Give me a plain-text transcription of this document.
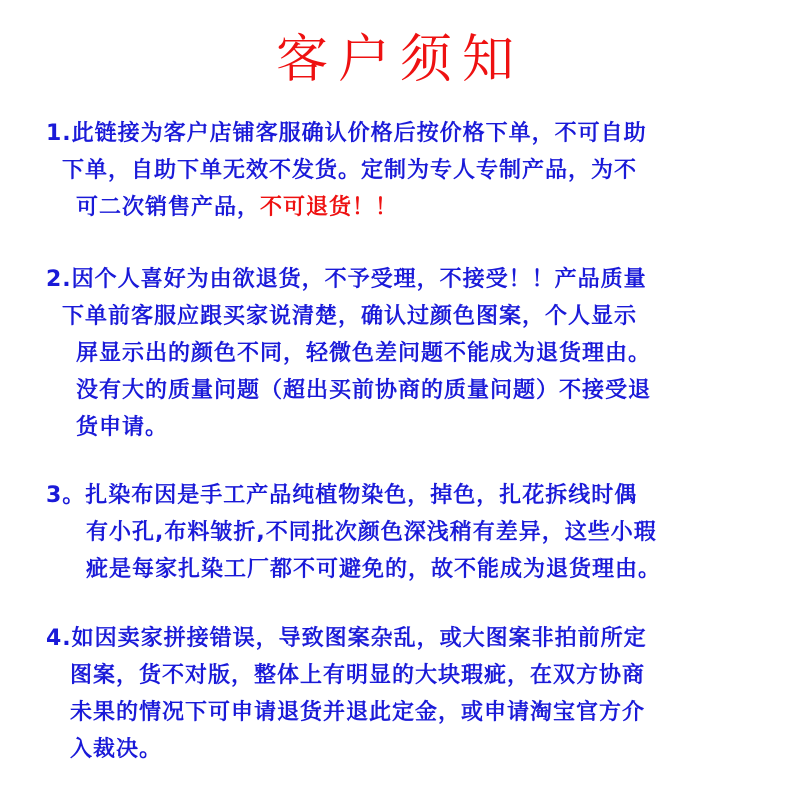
客户须知
1.此链接为客户店铺客服确认价格后按价格下单，不可自助
下单，自助下单无效不发货。定制为专人专制产品，为不
可二次销售产品，不可退货！！
2.因个人喜好为由欲退货，不予受理，不接受！！产品质量
下单前客服应跟买家说清楚，确认过颜色图案，个人显示
屏显示出的颜色不同，轻微色差问题不能成为退货理由。
没有大的质量问题（超出买前协商的质量问题）不接受退
货申请。
3。扎染布因是手工产品纯植物染色，掉色，扎花拆线时偶
有小孔,布料皱折,不同批次颜色深浅稍有差异，这些小瑕
疵是每家扎染工厂都不可避免的，故不能成为退货理由。
4.如因卖家拼接错误，导致图案杂乱，或大图案非拍前所定
图案，货不对版，整体上有明显的大块瑕疵，在双方协商
未果的情况下可申请退货并退此定金，或申请淘宝官方介
入裁决。
